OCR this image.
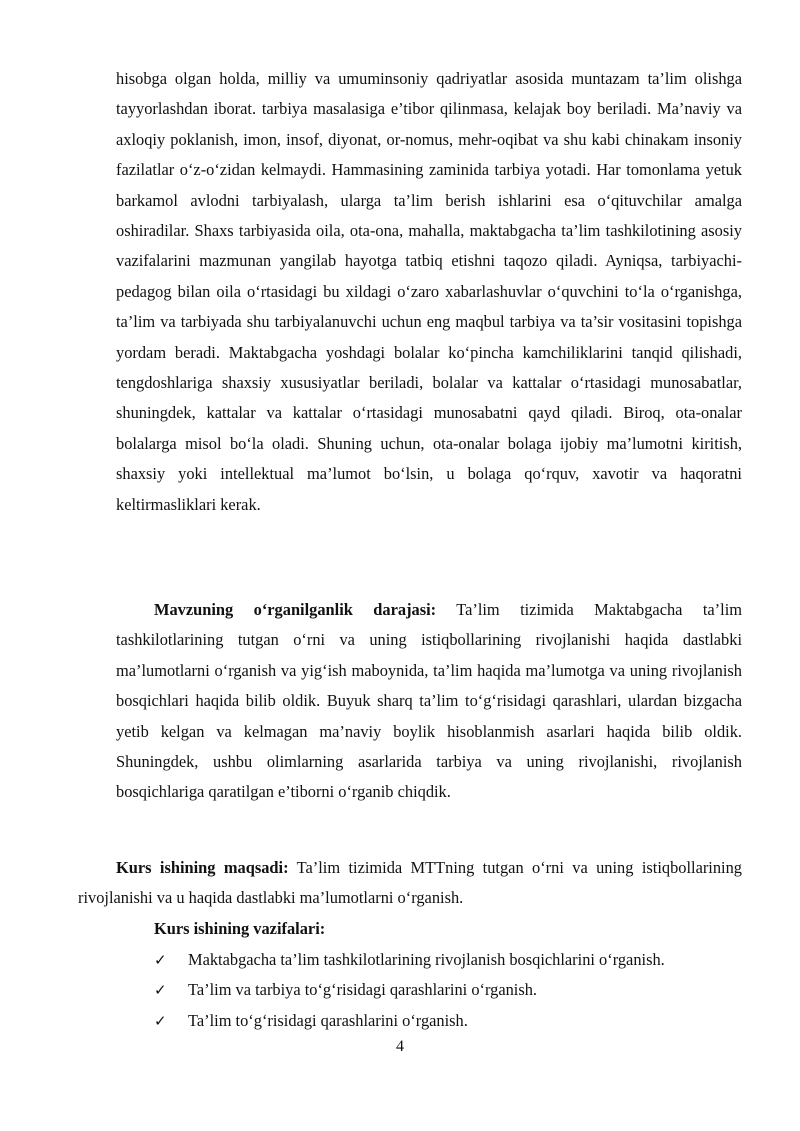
hisobga olgan holda, milliy va umuminsoniy qadriyatlar asosida muntazam ta’lim olishga tayyorlashdan iborat. tarbiya masalasiga e’tibor qilinmasa, kelajak boy beriladi. Ma’naviy va axloqiy poklanish, imon, insof, diyonat, or-nomus, mehr-oqibat va shu kabi chinakam insoniy fazilatlar o‘z-o‘zidan kelmaydi. Hammasining zaminida tarbiya yotadi. Har tomonlama yetuk barkamol avlodni tarbiyalash, ularga ta’lim berish ishlarini esa o‘qituvchilar amalga oshiradilar. Shaxs tarbiyasida oila, ota-ona, mahalla, maktabgacha ta’lim tashkilotining asosiy vazifalarini mazmunan yangilab hayotga tatbiq etishni taqozo qiladi. Ayniqsa, tarbiyachi-pedagog bilan oila o‘rtasidagi bu xildagi o‘zaro xabarlashuvlar o‘quvchini to‘la o‘rganishga, ta’lim va tarbiyada shu tarbiyalanuvchi uchun eng maqbul tarbiya va ta’sir vositasini topishga yordam beradi. Maktabgacha yoshdagi bolalar ko‘pincha kamchiliklarini tanqid qilishadi, tengdoshlariga shaxsiy xususiyatlar beriladi, bolalar va kattalar o‘rtasidagi munosabatlar, shuningdek, kattalar va kattalar o‘rtasidagi munosabatni qayd qiladi. Biroq, ota-onalar bolalarga misol bo‘la oladi. Shuning uchun, ota-onalar bolaga ijobiy ma’lumotni kiritish, shaxsiy yoki intellektual ma’lumot bo‘lsin, u bolaga qo‘rquv, xavotir va haqoratni keltirmasliklari kerak.
Mavzuning o‘rganilganlik darajasi: Ta’lim tizimida Maktabgacha ta’lim tashkilotlarining tutgan o‘rni va uning istiqbollarining rivojlanishi haqida dastlabki ma’lumotlarni o‘rganish va yig‘ish maboynida, ta’lim haqida ma’lumotga va uning rivojlanish bosqichlari haqida bilib oldik. Buyuk sharq ta’lim to‘g‘risidagi qarashlari, ulardan bizgacha yetib kelgan va kelmagan ma’naviy boylik hisoblanmish asarlari haqida bilib oldik. Shuningdek, ushbu olimlarning asarlarida tarbiya va uning rivojlanishi, rivojlanish bosqichlariga qaratilgan e’tiborni o‘rganib chiqdik.
Kurs ishining maqsadi: Ta’lim tizimida MTTning tutgan o‘rni va uning istiqbollarining rivojlanishi va u haqida dastlabki ma’lumotlarni o‘rganish.
Kurs ishining vazifalari:
✓ Maktabgacha ta’lim tashkilotlarining rivojlanish bosqichlarini o‘rganish.
✓ Ta’lim va tarbiya to‘g‘risidagi qarashlarini o‘rganish.
✓ Ta’lim to‘g‘risidagi qarashlarini o‘rganish.
4
